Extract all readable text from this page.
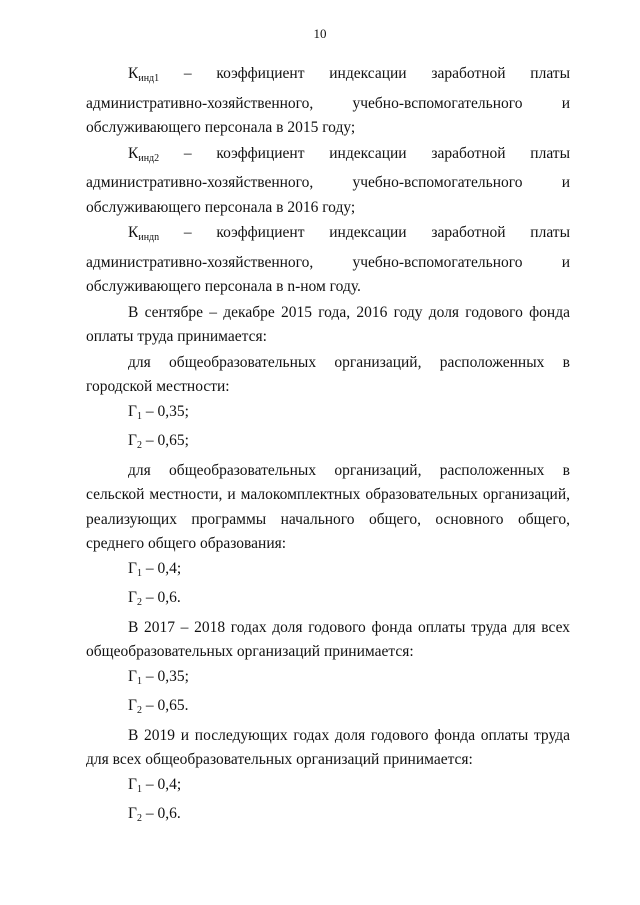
10

$К_{инд1}$ – коэффициент индексации заработной платы административно-хозяйственного, учебно-вспомогательного и обслуживающего персонала в 2015 году;

$К_{инд2}$ – коэффициент индексации заработной платы административно-хозяйственного, учебно-вспомогательного и обслуживающего персонала в 2016 году;

$К_{индn}$ – коэффициент индексации заработной платы административно-хозяйственного, учебно-вспомогательного и обслуживающего персонала в n-ном году.

В сентябре – декабре 2015 года, 2016 году доля годового фонда оплаты труда принимается:

для общеобразовательных организаций, расположенных в городской местности:

$Г_1 - 0,35$;

$Г_2 - 0,65$;

для общеобразовательных организаций, расположенных в сельской местности, и малокомплектных образовательных организаций, реализующих программы начального общего, основного общего, среднего общего образования:

$Г_1 - 0,4$;

$Г_2 - 0,6$.

В 2017 – 2018 годах доля годового фонда оплаты труда для всех общеобразовательных организаций принимается:

$Г_1 - 0,35$;

$Г_2 - 0,65$.

В 2019 и последующих годах доля годового фонда оплаты труда для всех общеобразовательных организаций принимается:

$Г_1 - 0,4$;

$Г_2 - 0,6$.
